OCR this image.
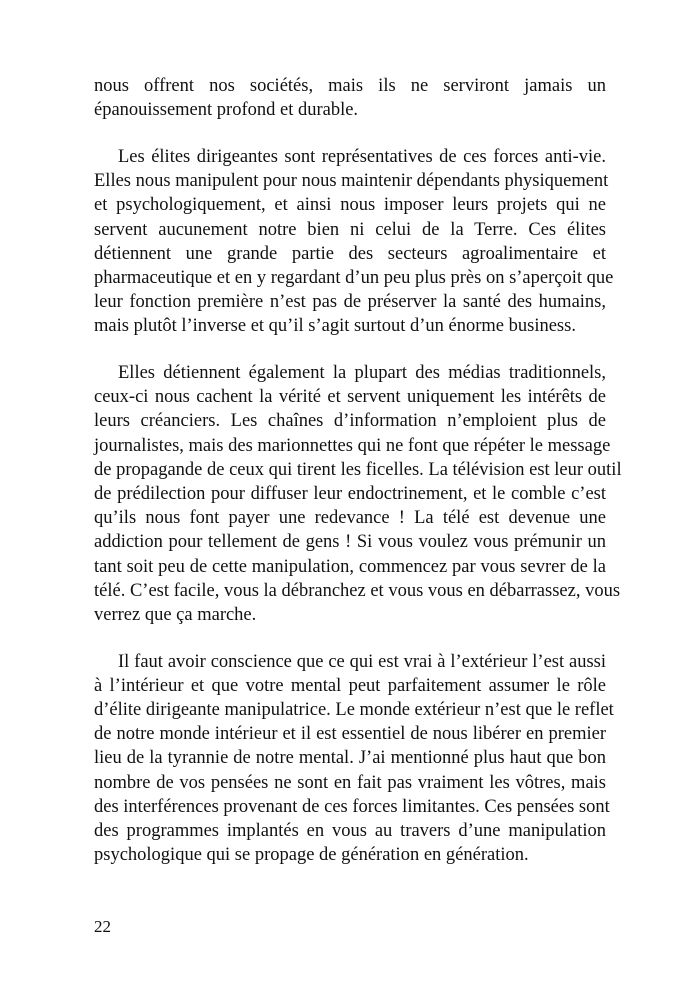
nous offrent nos sociétés, mais ils ne serviront jamais un
épanouissement profond et durable.
Les élites dirigeantes sont représentatives de ces forces anti-vie.
Elles nous manipulent pour nous maintenir dépendants physiquement
et psychologiquement, et ainsi nous imposer leurs projets qui ne
servent aucunement notre bien ni celui de la Terre. Ces élites
détiennent une grande partie des secteurs agroalimentaire et
pharmaceutique et en y regardant d’un peu plus près on s’aperçoit que
leur fonction première n’est pas de préserver la santé des humains,
mais plutôt l’inverse et qu’il s’agit surtout d’un énorme business.
Elles détiennent également la plupart des médias traditionnels,
ceux-ci nous cachent la vérité et servent uniquement les intérêts de
leurs créanciers. Les chaînes d’information n’emploient plus de
journalistes, mais des marionnettes qui ne font que répéter le message
de propagande de ceux qui tirent les ficelles. La télévision est leur outil
de prédilection pour diffuser leur endoctrinement, et le comble c’est
qu’ils nous font payer une redevance ! La télé est devenue une
addiction pour tellement de gens ! Si vous voulez vous prémunir un
tant soit peu de cette manipulation, commencez par vous sevrer de la
télé. C’est facile, vous la débranchez et vous vous en débarrassez, vous
verrez que ça marche.
Il faut avoir conscience que ce qui est vrai à l’extérieur l’est aussi
à l’intérieur et que votre mental peut parfaitement assumer le rôle
d’élite dirigeante manipulatrice. Le monde extérieur n’est que le reflet
de notre monde intérieur et il est essentiel de nous libérer en premier
lieu de la tyrannie de notre mental. J’ai mentionné plus haut que bon
nombre de vos pensées ne sont en fait pas vraiment les vôtres, mais
des interférences provenant de ces forces limitantes. Ces pensées sont
des programmes implantés en vous au travers d’une manipulation
psychologique qui se propage de génération en génération.
22
